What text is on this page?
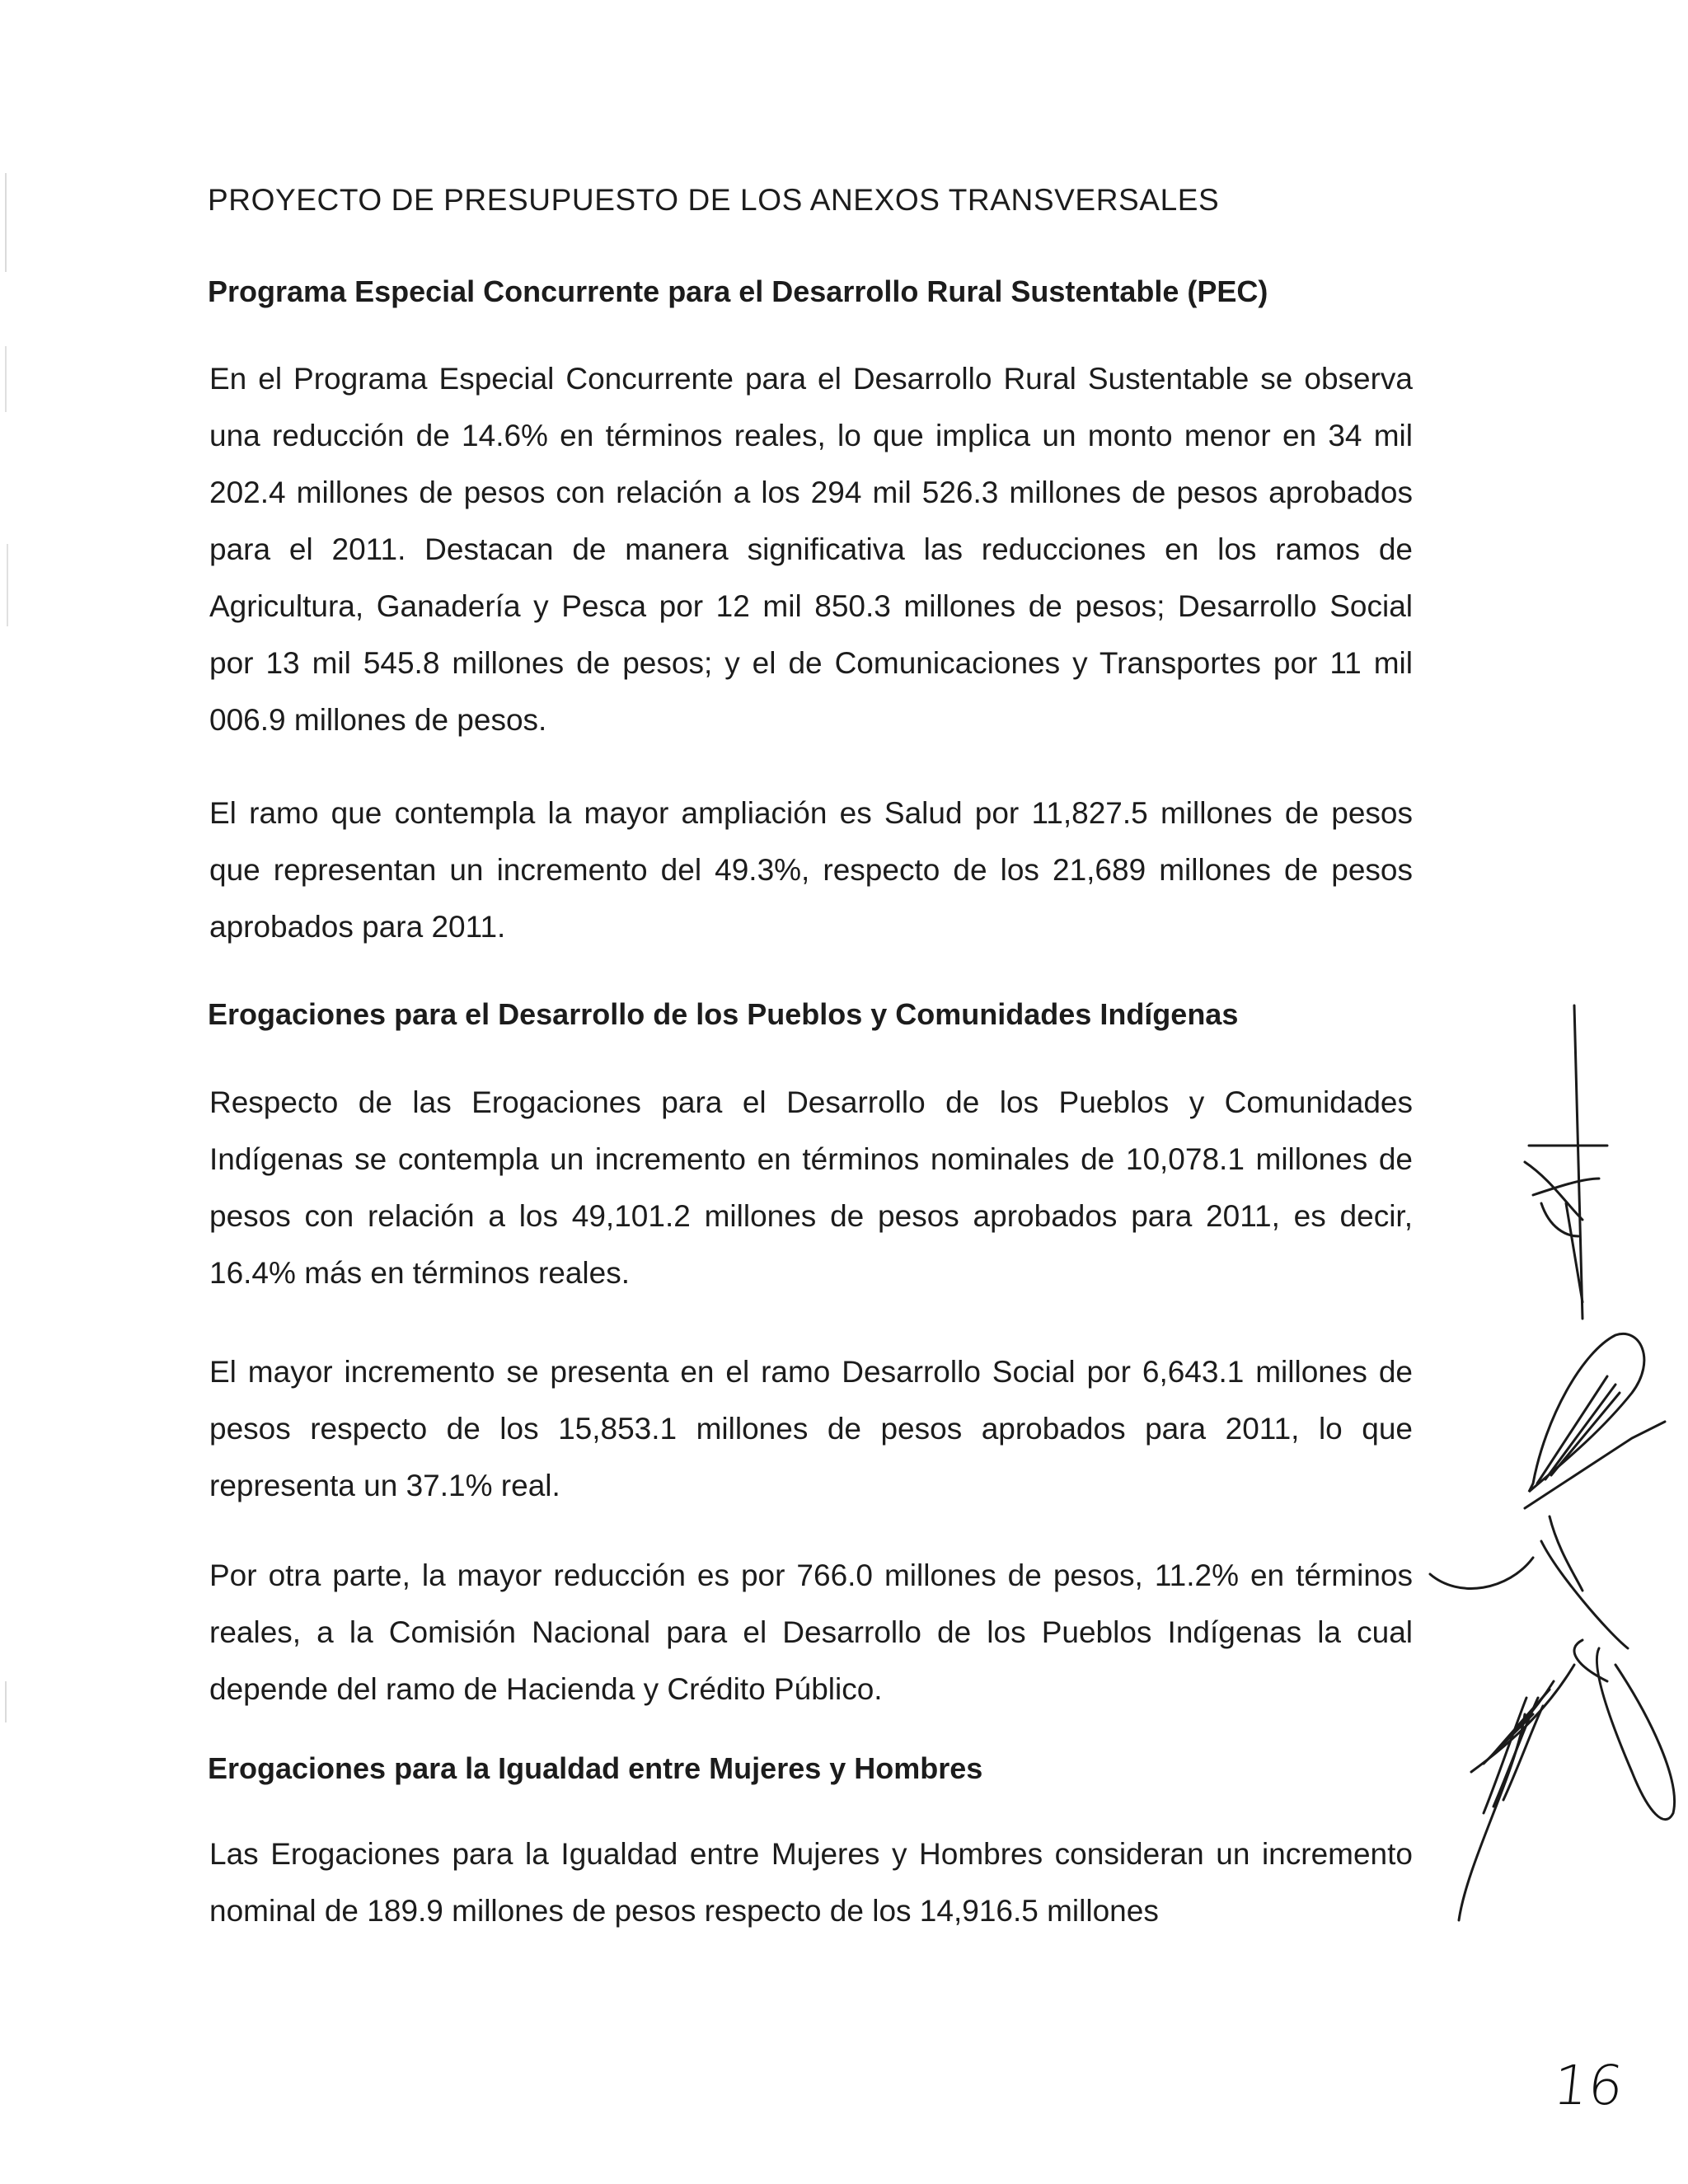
PROYECTO DE PRESUPUESTO DE LOS ANEXOS TRANSVERSALES
Programa Especial Concurrente para el Desarrollo Rural Sustentable (PEC)

En el Programa Especial Concurrente para el Desarrollo Rural Sustentable se observa una reducción de 14.6% en términos reales, lo que implica un monto menor en 34 mil 202.4 millones de pesos con relación a los 294 mil 526.3 millones de pesos aprobados para el 2011. Destacan de manera significativa las reducciones en los ramos de Agricultura, Ganadería y Pesca por 12 mil 850.3 millones de pesos; Desarrollo Social por 13 mil 545.8 millones de pesos; y el de Comunicaciones y Transportes por 11 mil 006.9 millones de pesos.

El ramo que contempla la mayor ampliación es Salud por 11,827.5 millones de pesos que representan un incremento del 49.3%, respecto de los 21,689 millones de pesos aprobados para 2011.

Erogaciones para el Desarrollo de los Pueblos y Comunidades Indígenas

Respecto de las Erogaciones para el Desarrollo de los Pueblos y Comunidades Indígenas se contempla un incremento en términos nominales de 10,078.1 millones de pesos con relación a los 49,101.2 millones de pesos aprobados para 2011, es decir, 16.4% más en términos reales.

El mayor incremento se presenta en el ramo Desarrollo Social por 6,643.1 millones de pesos respecto de los 15,853.1 millones de pesos aprobados para 2011, lo que representa un 37.1% real.

Por otra parte, la mayor reducción es por 766.0 millones de pesos, 11.2% en términos reales, a la Comisión Nacional para el Desarrollo de los Pueblos Indígenas la cual depende del ramo de Hacienda y Crédito Público.

Erogaciones para la Igualdad entre Mujeres y Hombres

Las Erogaciones para la Igualdad entre Mujeres y Hombres consideran un incremento nominal de 189.9 millones de pesos respecto de los 14,916.5 millones

16
